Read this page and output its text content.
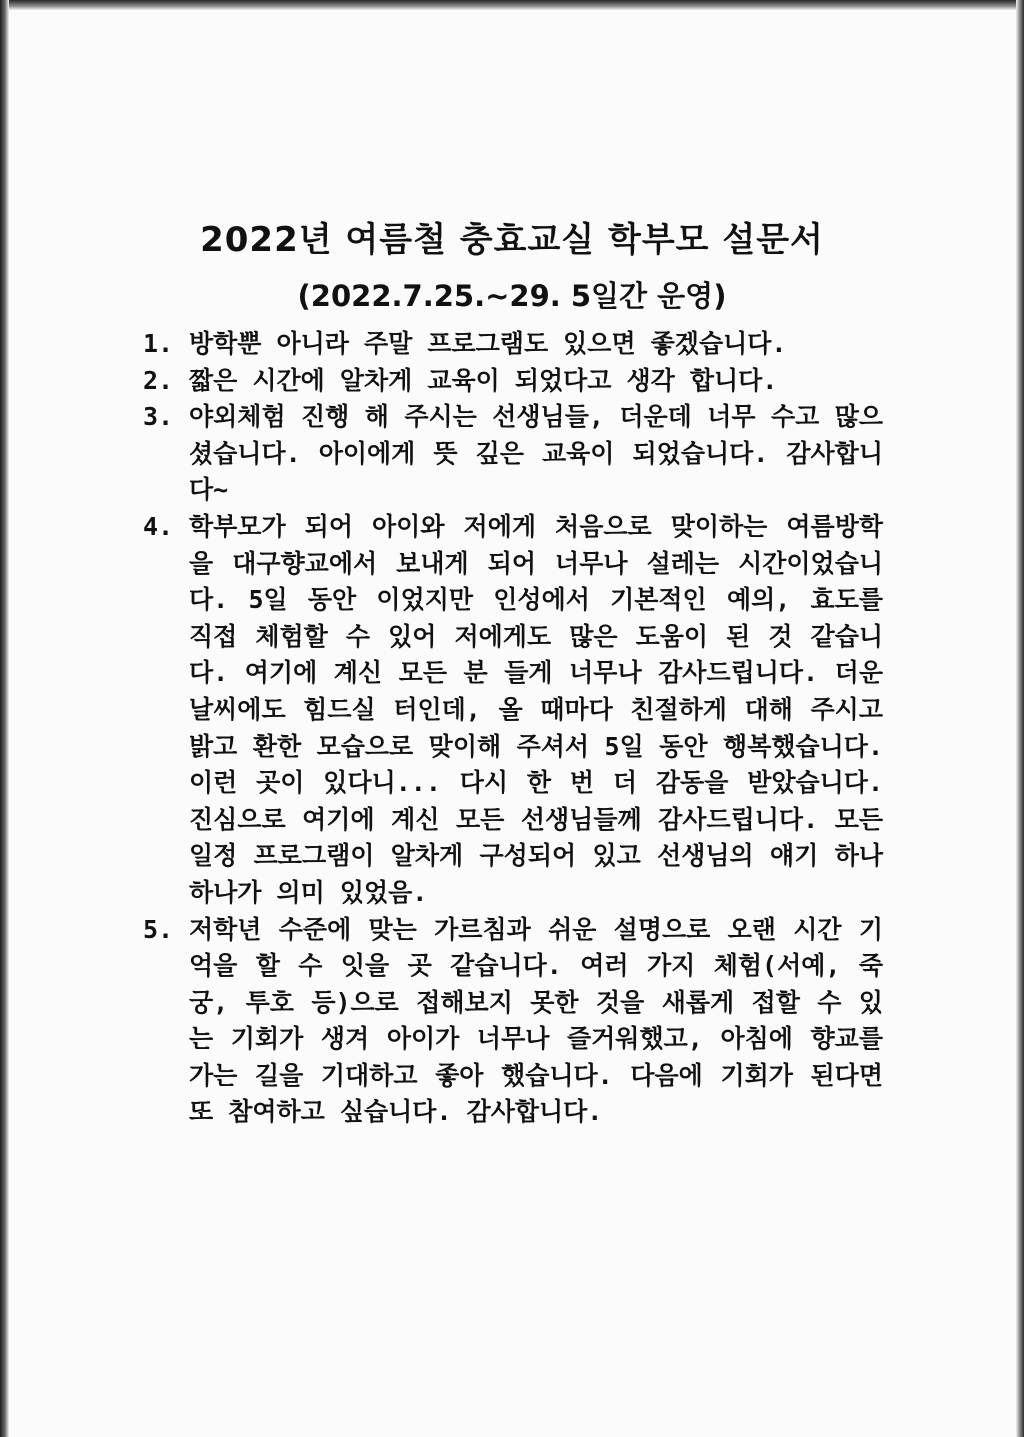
2022년 여름철 충효교실 학부모 설문서
(2022.7.25.~29. 5일간 운영)
1. 방학뿐 아니라 주말 프로그램도 있으면 좋겠습니다.
2. 짧은 시간에 알차게 교육이 되었다고 생각 합니다.
3. 야외체험 진행 해 주시는 선생님들, 더운데 너무 수고 많으셨습니다. 아이에게 뜻 깊은 교육이 되었습니다. 감사합니다~
4. 학부모가 되어 아이와 저에게 처음으로 맞이하는 여름방학을 대구향교에서 보내게 되어 너무나 설레는 시간이었습니다. 5일 동안 이었지만 인성에서 기본적인 예의, 효도를 직접 체험할 수 있어 저에게도 많은 도움이 된 것 같습니다. 여기에 계신 모든 분 들게 너무나 감사드립니다. 더운 날씨에도 힘드실 터인데, 올 때마다 친절하게 대해 주시고 밝고 환한 모습으로 맞이해 주셔서 5일 동안 행복했습니다. 이런 곳이 있다니... 다시 한 번 더 감동을 받았습니다. 진심으로 여기에 계신 모든 선생님들께 감사드립니다. 모든 일정 프로그램이 알차게 구성되어 있고 선생님의 얘기 하나 하나가 의미 있었음.
5. 저학년 수준에 맞는 가르침과 쉬운 설명으로 오랜 시간 기억을 할 수 잇을 곳 같습니다. 여러 가지 체험(서예, 죽궁, 투호 등)으로 접해보지 못한 것을 새롭게 접할 수 있는 기회가 생겨 아이가 너무나 즐거워했고, 아침에 향교를 가는 길을 기대하고 좋아 했습니다. 다음에 기회가 된다면 또 참여하고 싶습니다. 감사합니다.
